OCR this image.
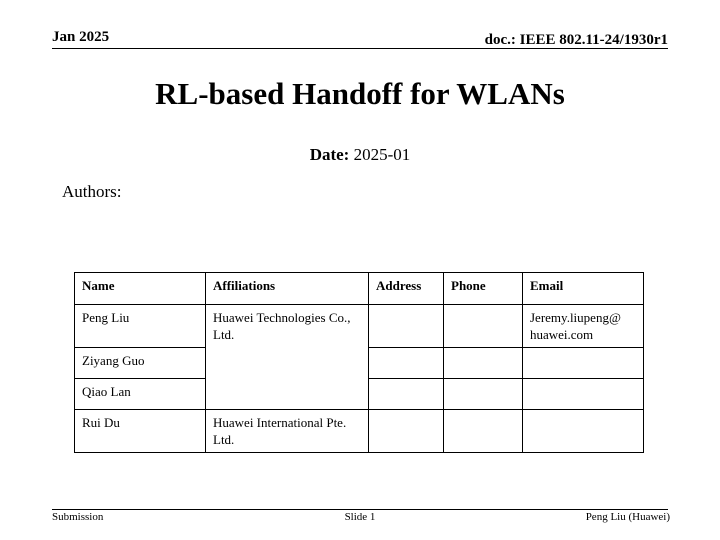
Jan 2025	doc.: IEEE 802.11-24/1930r1
RL-based Handoff for WLANs
Date: 2025-01
Authors:
Name	Affiliations	Address	Phone	Email
Peng Liu	Huawei Technologies Co., Ltd.			Jeremy.liupeng@ huawei.com
Ziyang Guo				
Qiao Lan				
Rui Du	Huawei International Pte. Ltd.			
Submission	Slide 1	Peng Liu (Huawei)
